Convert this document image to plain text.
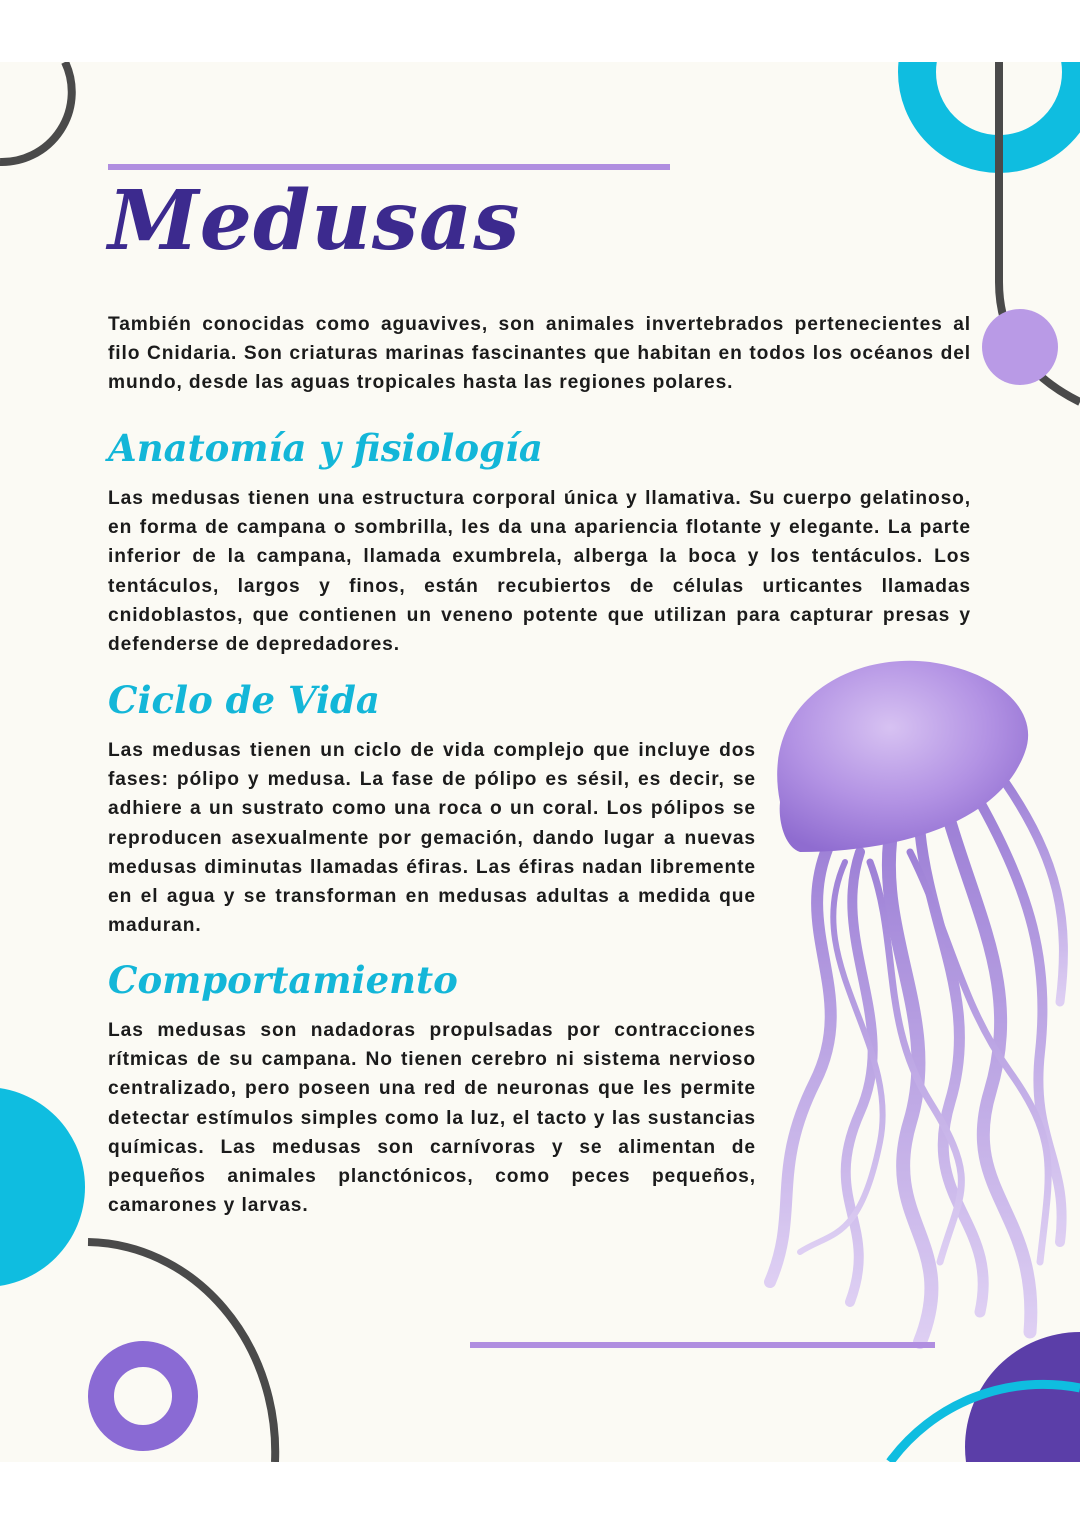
Medusas

También conocidas como aguavives, son animales invertebrados pertenecientes al filo Cnidaria. Son criaturas marinas fascinantes que habitan en todos los océanos del mundo, desde las aguas tropicales hasta las regiones polares.

Anatomía y fisiología

Las medusas tienen una estructura corporal única y llamativa. Su cuerpo gelatinoso, en forma de campana o sombrilla, les da una apariencia flotante y elegante. La parte inferior de la campana, llamada exumbrela, alberga la boca y los tentáculos. Los tentáculos, largos y finos, están recubiertos de células urticantes llamadas cnidoblastos, que contienen un veneno potente que utilizan para capturar presas y defenderse de depredadores.

Ciclo de Vida

Las medusas tienen un ciclo de vida complejo que incluye dos fases: pólipo y medusa. La fase de pólipo es sésil, es decir, se adhiere a un sustrato como una roca o un coral. Los pólipos se reproducen asexualmente por gemación, dando lugar a nuevas medusas diminutas llamadas éfiras. Las éfiras nadan libremente en el agua y se transforman en medusas adultas a medida que maduran.

Comportamiento

Las medusas son nadadoras propulsadas por contracciones rítmicas de su campana. No tienen cerebro ni sistema nervioso centralizado, pero poseen una red de neuronas que les permite detectar estímulos simples como la luz, el tacto y las sustancias químicas. Las medusas son carnívoras y se alimentan de pequeños animales planctónicos, como peces pequeños, camarones y larvas.
